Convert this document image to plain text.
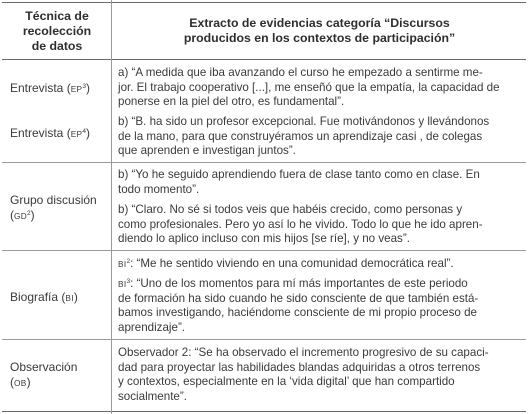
Técnica de
recolección
de datos
Extracto de evidencias categoría “Discursos
producidos en los contextos de participación”
Entrevista $(EP^3)$
a) “A medida que iba avanzando el curso he empezado a sentirme me-
jor. El trabajo cooperativo [...], me enseñó que la empatía, la capacidad de
ponerse en la piel del otro, es fundamental”.
Entrevista $(EP^4)$
b) “B. ha sido un profesor excepcional. Fue motivándonos y llevándonos
de la mano, para que construyéramos un aprendizaje casi , de colegas
que aprenden e investigan juntos”.
Grupo discusión
$(GD^2)$
b) “Yo he seguido aprendiendo fuera de clase tanto como en clase. En
todo momento”.
b) “Claro. No sé si todos veis que habéis crecido, como personas y
como profesionales. Pero yo así lo he vivido. Todo lo que he ido apren-
diendo lo aplico incluso con mis hijos [se ríe], y no veas”.
Biografía (BI)
$BI^2$: “Me he sentido viviendo en una comunidad democrática real”.
$BI^3$: “Uno de los momentos para mí más importantes de este periodo
de formación ha sido cuando he sido consciente de que también está-
bamos investigando, haciéndome consciente de mi propio proceso de
aprendizaje”.
Observación
(OB)
Observador 2: “Se ha observado el incremento progresivo de su capaci-
dad para proyectar las habilidades blandas adquiridas a otros terrenos
y contextos, especialmente en la ‘vida digital’ que han compartido
socialmente”.
